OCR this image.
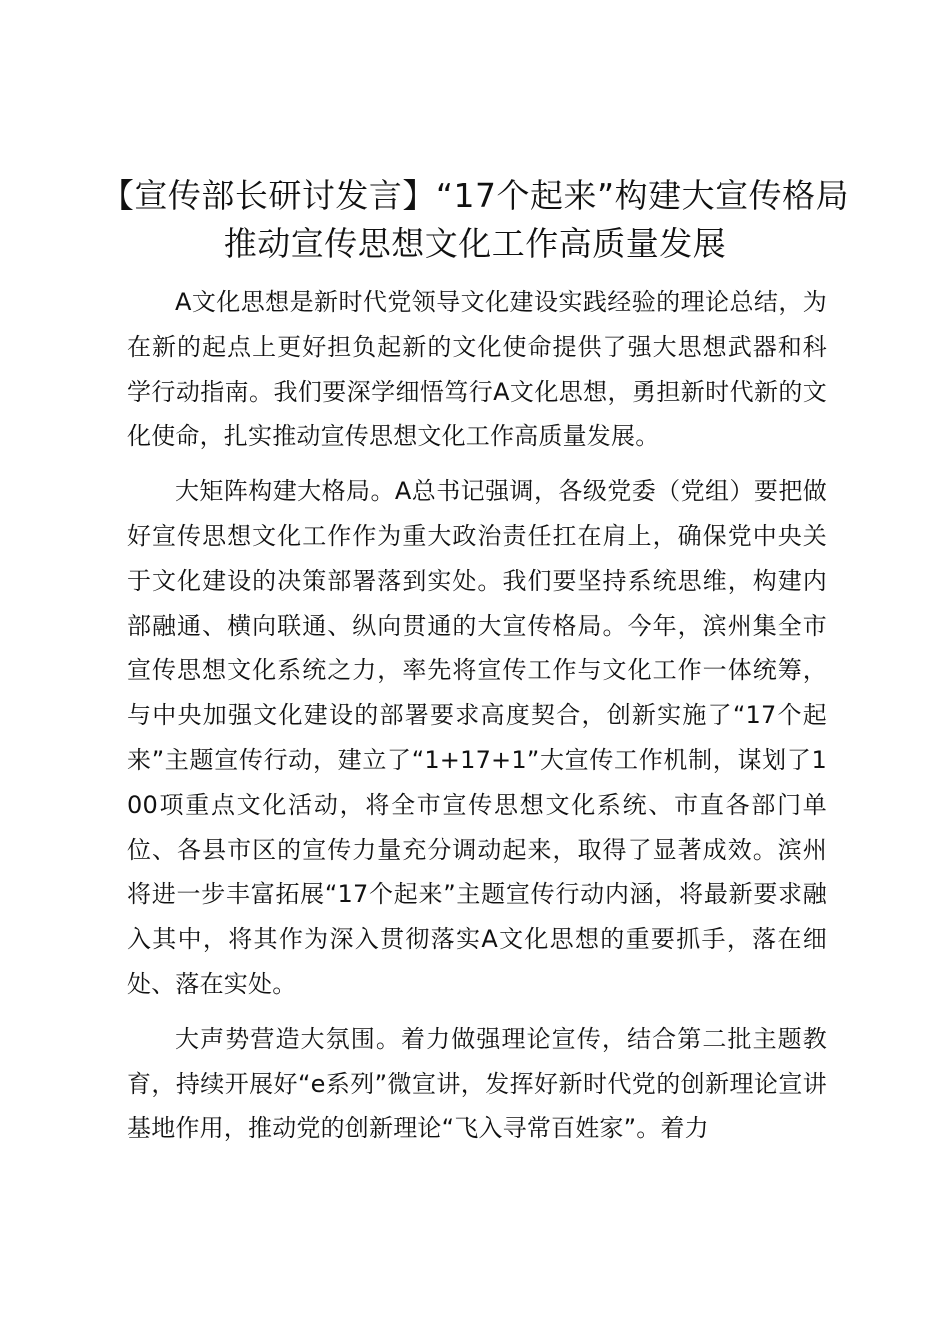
【宣传部长研讨发言】“17个起来”构建大宣传格局推动宣传思想文化工作高质量发展

A文化思想是新时代党领导文化建设实践经验的理论总结，为在新的起点上更好担负起新的文化使命提供了强大思想武器和科学行动指南。我们要深学细悟笃行A文化思想，勇担新时代新的文化使命，扎实推动宣传思想文化工作高质量发展。

大矩阵构建大格局。A总书记强调，各级党委（党组）要把做好宣传思想文化工作作为重大政治责任扛在肩上，确保党中央关于文化建设的决策部署落到实处。我们要坚持系统思维，构建内部融通、横向联通、纵向贯通的大宣传格局。今年，滨州集全市宣传思想文化系统之力，率先将宣传工作与文化工作一体统筹，与中央加强文化建设的部署要求高度契合，创新实施了“17个起来”主题宣传行动，建立了“1+17+1”大宣传工作机制，谋划了100项重点文化活动，将全市宣传思想文化系统、市直各部门单位、各县市区的宣传力量充分调动起来，取得了显著成效。滨州将进一步丰富拓展“17个起来”主题宣传行动内涵，将最新要求融入其中，将其作为深入贯彻落实A文化思想的重要抓手，落在细处、落在实处。

大声势营造大氛围。着力做强理论宣传，结合第二批主题教育，持续开展好“e系列”微宣讲，发挥好新时代党的创新理论宣讲基地作用，推动党的创新理论“飞入寻常百姓家”。着力
